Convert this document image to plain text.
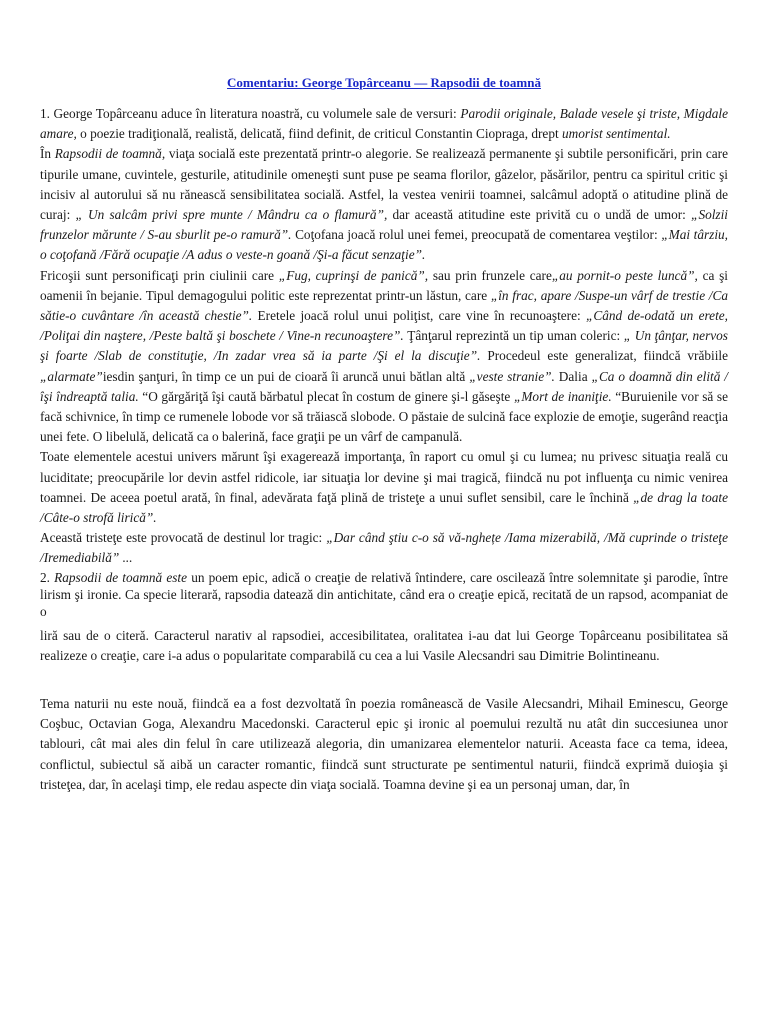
Comentariu: George Topârceanu — Rapsodii de toamnă

1. George Topârceanu aduce în literatura noastră, cu volumele sale de versuri: Parodii originale, Balade vesele şi triste, Migdale amare, o poezie tradiţională, realistă, delicată, fiind definit, de criticul Constantin Ciopraga, drept umorist sentimental.

În Rapsodii de toamnă, viaţa socială este prezentată printr-o alegorie. Se realizează permanente şi subtile personificări, prin care tipurile umane, cuvintele, gesturile, atitudinile omeneşti sunt puse pe seama florilor, gâzelor, păsărilor, pentru ca spiritul critic şi incisiv al autorului să nu rănească sensibilitatea socială. Astfel, la vestea venirii toamnei, salcâmul adoptă o atitudine plină de curaj: „ Un salcâm privi spre munte / Mândru ca o flamură”, dar această atitudine este privită cu o undă de umor: „Solzii frunzelor mărunte / S-au sburlit pe-o ramură”. Coţofana joacă rolul unei femei, preocupată de comentarea veştilor: „Mai târziu, o coţofană /Fără ocupaţie /A adus o veste-n goană /Şi-a făcut senzaţie”.

Fricoşii sunt personificaţi prin ciulinii care „Fug, cuprinşi de panică”, sau prin frunzele care„au pornit-o peste luncă”, ca şi oamenii în bejanie. Tipul demagogului politic este reprezentat printr-un lăstun, care „în frac, apare /Suspe-un vârf de trestie /Ca sătie-o cuvântare /în această chestie”. Eretele joacă rolul unui poliţist, care vine în recunoaştere: „Când de-odată un erete, /Poliţai din naştere, /Peste baltă şi boschete / Vine-n recunoaştere”. Ţânţarul reprezintă un tip uman coleric: „ Un ţânţar, nervos şi foarte /Slab de constituţie, /In zadar vrea să ia parte /Şi el la discuţie”. Procedeul este generalizat, fiindcă vrăbiile „alarmate”iesdin şanţuri, în timp ce un pui de cioară îi aruncă unui bătlan altă „veste stranie”. Dalia „Ca o doamnă din elită / îşi îndreaptă talia. “O gărgăriţă îşi caută bărbatul plecat în costum de ginere şi-l găseşte „Mort de inaniţie. “Buruienile vor să se facă schivnice, în timp ce rumenele lobode vor să trăiască slobode. O păstaie de sulcină face explozie de emoţie, sugerând reacţia unei fete. O libelulă, delicată ca o balerină, face graţii pe un vârf de campanulă.

Toate elementele acestui univers mărunt îşi exagerează importanţa, în raport cu omul şi cu lumea; nu privesc situaţia reală cu luciditate; preocupările lor devin astfel ridicole, iar situaţia lor devine şi mai tragică, fiindcă nu pot influenţa cu nimic venirea toamnei. De aceea poetul arată, în final, adevărata faţă plină de tristeţe a unui suflet sensibil, care le închină „de drag la toate /Câte-o strofă lirică”.

Această tristeţe este provocată de destinul lor tragic: „Dar când ştiu c-o să vă-nghețe /Iama mizerabilă, /Mă cuprinde o tristeţe /Iremediabilă” ...

2. Rapsodii de toamnă este un poem epic, adică o creaţie de relativă întindere, care oscilează între solemnitate şi parodie, între lirism şi ironie. Ca specie literară, rapsodia datează din antichitate, când era o creaţie epică, recitată de un rapsod, acompaniat de o

liră sau de o citeră. Caracterul narativ al rapsodiei, accesibilitatea, oralitatea i-au dat lui George Topârceanu posibilitatea să realizeze o creaţie, care i-a adus o popularitate comparabilă cu cea a lui Vasile Alecsandri sau Dimitrie Bolintineanu.

Tema naturii nu este nouă, fiindcă ea a fost dezvoltată în poezia românească de Vasile Alecsandri, Mihail Eminescu, George Coşbuc, Octavian Goga, Alexandru Macedonski. Caracterul epic şi ironic al poemului rezultă nu atât din succesiunea unor tablouri, cât mai ales din felul în care utilizează alegoria, din umanizarea elementelor naturii. Aceasta face ca tema, ideea, conflictul, subiectul să aibă un caracter romantic, fiindcă sunt structurate pe sentimentul naturii, fiindcă exprimă duioşia şi tristeţea, dar, în acelaşi timp, ele redau aspecte din viaţa socială. Toamna devine şi ea un personaj uman, dar, în
